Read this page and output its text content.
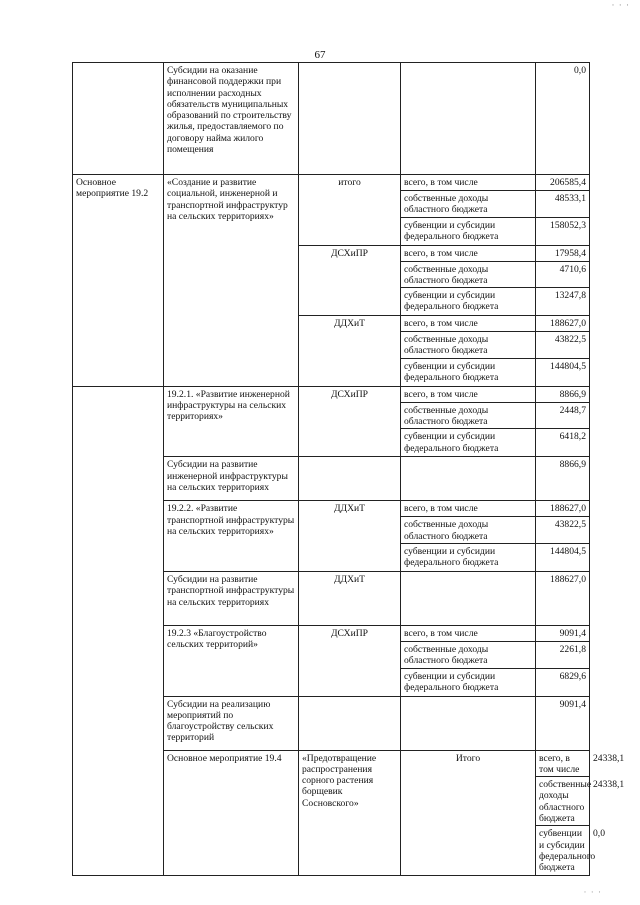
· · ·
67
	Субсидии на оказание финансовой поддержки при исполнении расходных обязательств муниципальных образований по строительству жилья, предоставляемого по договору найма жилого помещения			0,0	
Основное мероприятие 19.2	«Создание и развитие социальной, инженерной и транспортной инфраструктур на сельских территориях»	итого	всего, в том числе	206585,4	
			собственные доходы областного бюджета	48533,1	
			субвенции и субсидии федерального бюджета	158052,3	
		ДСХиПР	всего, в том числе	17958,4	
			собственные доходы областного бюджета	4710,6	
			субвенции и субсидии федерального бюджета	13247,8	
		ДДХиТ	всего, в том числе	188627,0	
			собственные доходы областного бюджета	43822,5	
			субвенции и субсидии федерального бюджета	144804,5	
	19.2.1. «Развитие инженерной инфраструктуры на сельских территориях»	ДСХиПР	всего, в том числе	8866,9	
			собственные доходы областного бюджета	2448,7	
			субвенции и субсидии федерального бюджета	6418,2	
	Субсидии на развитие инженерной инфраструктуры на сельских территориях			8866,9	
	19.2.2. «Развитие транспортной инфраструктуры на сельских территориях»	ДДХиТ	всего, в том числе	188627,0	
			собственные доходы областного бюджета	43822,5	
			субвенции и субсидии федерального бюджета	144804,5	
	Субсидии на развитие транспортной инфраструктуры на сельских территориях	ДДХиТ		188627,0	
	19.2.3 «Благоустройство сельских территорий»	ДСХиПР	всего, в том числе	9091,4	
			собственные доходы областного бюджета	2261,8	
			субвенции и субсидии федерального бюджета	6829,6	
	Субсидии на реализацию мероприятий по благоустройству сельских территорий			9091,4	
	Основное мероприятие 19.4	«Предотвращение распространения сорного растения борщевик Сосновского»	Итого	всего, в том числе	24338,1
				собственные доходы областного бюджета	24338,1
				субвенции и субсидии федерального бюджета	0,0
· · ·
